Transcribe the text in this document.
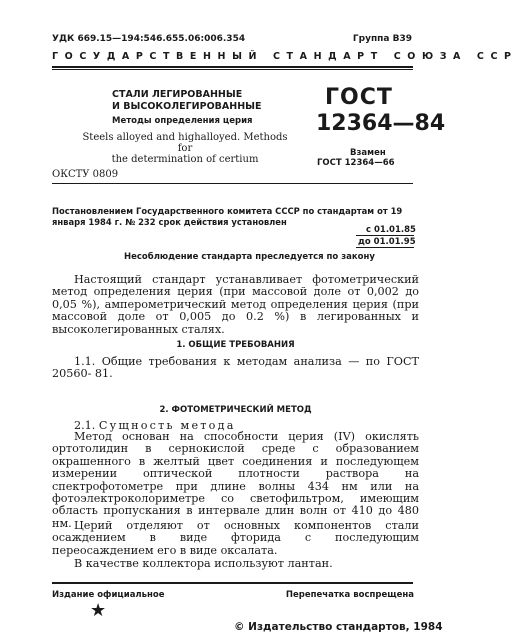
УДК 669.15—194:546.655.06:006.354	Группа В39
ГОСУДАРСТВЕННЫЙ СТАНДАРТ СОЮЗА ССР
СТАЛИ ЛЕГИРОВАННЫЕ
И ВЫСОКОЛЕГИРОВАННЫЕ
Методы определения церия
Steels alloyed and highalloyed. Methods for
the determination of certium
ГОСТ
12364—84
Взамен
ГОСТ 12364—66
ОКСТУ 0809
Постановлением Государственного комитета СССР по стандартам от 19 января 1984 г. № 232 срок действия установлен
с 01.01.85
до 01.01.95
Несоблюдение стандарта преследуется по закону
Настоящий стандарт устанавливает фотометрический метод определения церия (при массовой доле от 0,002 до 0,05 %), амперометрический метод определения церия (при массовой доле от 0,005 до 0.2 %) в легированных и высоколегированных сталях.
1. ОБЩИЕ ТРЕБОВАНИЯ
1.1. Общие требования к методам анализа — по ГОСТ 20560- 81.
2. ФОТОМЕТРИЧЕСКИЙ МЕТОД
2.1. Сущность метода
Метод основан на способности церия (IV) окислять ортотолидин в сернокислой среде с образованием окрашенного в желтый цвет соединения и последующем измерении оптической плотности раствора на спектрофотометре при длине волны 434 нм или на фотоэлектроколориметре со светофильтром, имеющим область пропускания в интервале длин волн от 410 до 480 нм. Церий отделяют от основных компонентов стали осаждением в виде фторида с последующим переосаждением его в виде оксалата.
В качестве коллектора используют лантан.
Издание официальное	Перепечатка воспрещена
★
© Издательство стандартов, 1984
